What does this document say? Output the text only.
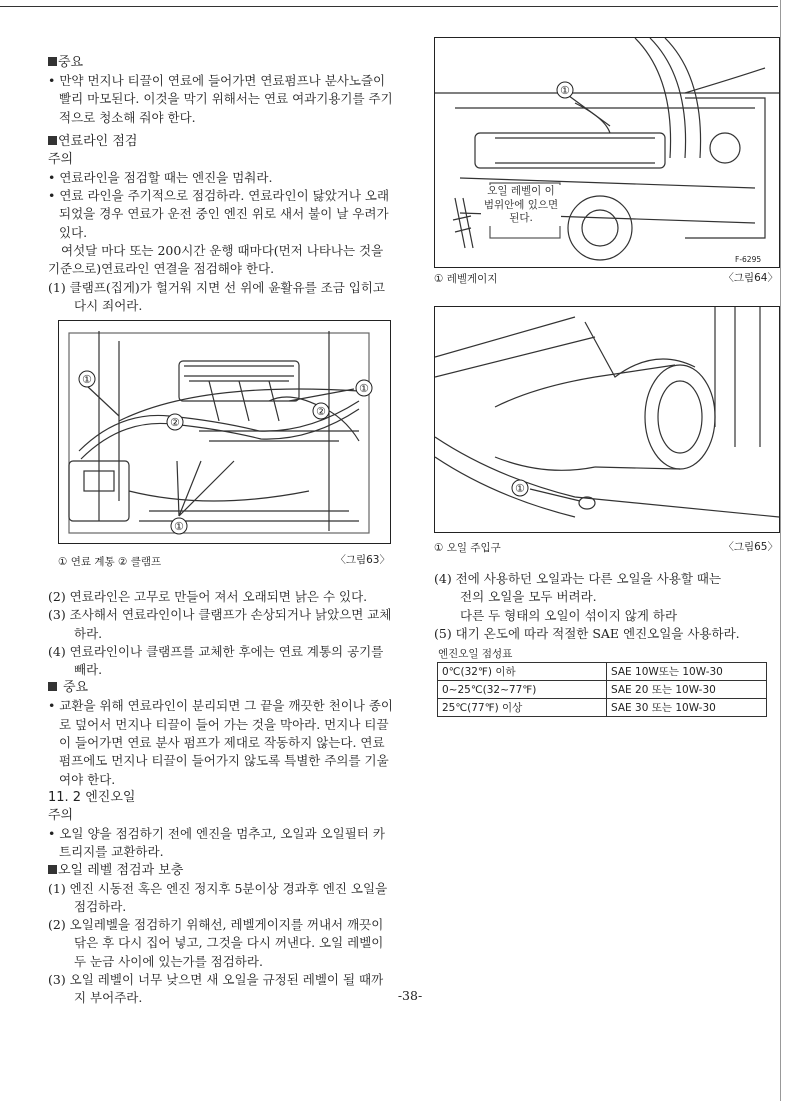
중요

• 만약 먼지나 티끌이 연료에 들어가면 연료펌프나 분사노즐이 빨리 마모된다. 이것을 막기 위해서는 연료 여과기용기를 주기적으로 청소해 줘야 한다.

연료라인 점검

주의

• 연료라인을 점검할 때는 엔진을 멈춰라.

• 연료 라인을 주기적으로 점검하라. 연료라인이 닳았거나 오래되었을 경우 연료가 운전 중인 엔진 위로 새서 불이 날 우려가 있다.

여섯달 마다 또는 200시간 운행 때마다(먼저 나타나는 것을 기준으로)연료라인 연결을 점검해야 한다.

(1) 클램프(집게)가 헐거워 지면 선 위에 윤활유를 조금 입히고 다시 죄어라.

①
①
②
②
①
① 연료 계통 ② 클램프	〈그림63〉

(2) 연료라인은 고무로 만들어 져서 오래되면 낡은 수 있다.

(3) 조사해서 연료라인이나 클램프가 손상되거나 낡았으면 교체하라.

(4) 연료라인이나 클램프를 교체한 후에는 연료 계통의 공기를 빼라.

중요

• 교환을 위해 연료라인이 분리되면 그 끝을 깨끗한 천이나 종이로 덮어서 먼지나 티끌이 들어 가는 것을 막아라. 먼지나 티끌이 들어가면 연료 분사 펌프가 제대로 작동하지 않는다. 연료 펌프에도 먼지나 티끌이 들어가지 않도록 특별한 주의를 기울여야 한다.

11. 2 엔진오일

주의

• 오일 양을 점검하기 전에 엔진을 멈추고, 오일과 오일필터 카트리지를 교환하라.

오일 레벨 점검과 보충

(1) 엔진 시동전 혹은 엔진 정지후 5분이상 경과후 엔진 오일을 점검하라.

(2) 오일레벨을 점검하기 위해선, 레벨게이지를 꺼내서 깨끗이 닦은 후 다시 집어 넣고, 그것을 다시 꺼낸다. 오일 레벨이 두 눈금 사이에 있는가를 점검하라.

(3) 오일 레벨이 너무 낮으면 새 오일을 규정된 레벨이 될 때까지 부어주라.

①
오일 레벨이 이 범위안에 있으면 된다.
F-6295
① 레벨게이지	〈그림64〉
①
① 오일 주입구	〈그림65〉

(4) 전에 사용하던 오일과는 다른 오일을 사용할 때는

전의 오일을 모두 버려라.

다른 두 형태의 오일이 섞이지 않게 하라

(5) 대기 온도에 따라 적절한 SAE 엔진오일을 사용하라.

엔진오일 점성표
0℃(32℉) 이하	SAE 10W또는 10W-30
0~25℃(32~77℉)	SAE 20 또는 10W-30
25℃(77℉) 이상	SAE 30 또는 10W-30
-38-
